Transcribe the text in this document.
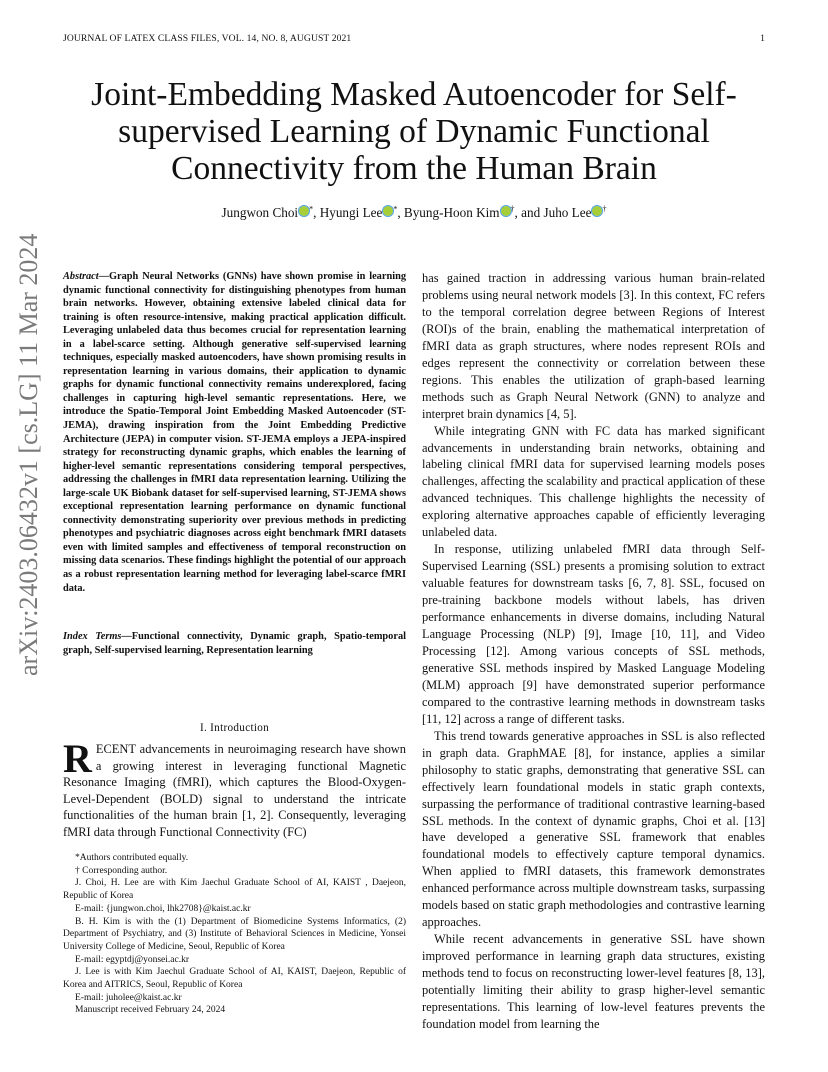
JOURNAL OF LATEX CLASS FILES, VOL. 14, NO. 8, AUGUST 2021	1
arXiv:2403.06432v1 [cs.LG] 11 Mar 2024
Joint-Embedding Masked Autoencoder for Self-supervised Learning of Dynamic Functional Connectivity from the Human Brain
Jungwon Choi *, Hyungi Lee *, Byung-Hoon Kim †, and Juho Lee †
Abstract—Graph Neural Networks (GNNs) have shown promise in learning dynamic functional connectivity for distinguishing phenotypes from human brain networks. However, obtaining extensive labeled clinical data for training is often resource-intensive, making practical application difficult. Leveraging unlabeled data thus becomes crucial for representation learning in a label-scarce setting. Although generative self-supervised learning techniques, especially masked autoencoders, have shown promising results in representation learning in various domains, their application to dynamic graphs for dynamic functional connectivity remains underexplored, facing challenges in capturing high-level semantic representations. Here, we introduce the Spatio-Temporal Joint Embedding Masked Autoencoder (ST-JEMA), drawing inspiration from the Joint Embedding Predictive Architecture (JEPA) in computer vision. ST-JEMA employs a JEPA-inspired strategy for reconstructing dynamic graphs, which enables the learning of higher-level semantic representations considering temporal perspectives, addressing the challenges in fMRI data representation learning. Utilizing the large-scale UK Biobank dataset for self-supervised learning, ST-JEMA shows exceptional representation learning performance on dynamic functional connectivity demonstrating superiority over previous methods in predicting phenotypes and psychiatric diagnoses across eight benchmark fMRI datasets even with limited samples and effectiveness of temporal reconstruction on missing data scenarios. These findings highlight the potential of our approach as a robust representation learning method for leveraging label-scarce fMRI data.
Index Terms—Functional connectivity, Dynamic graph, Spatio-temporal graph, Self-supervised learning, Representation learning
I. Introduction
RECENT advancements in neuroimaging research have shown a growing interest in leveraging functional Magnetic Resonance Imaging (fMRI), which captures the Blood-Oxygen-Level-Dependent (BOLD) signal to understand the intricate functionalities of the human brain [1, 2]. Consequently, leveraging fMRI data through Functional Connectivity (FC)

*Authors contributed equally.

† Corresponding author.

J. Choi, H. Lee are with Kim Jaechul Graduate School of AI, KAIST , Daejeon, Republic of Korea

E-mail: {jungwon.choi, lhk2708}@kaist.ac.kr

B. H. Kim is with the (1) Department of Biomedicine Systems Informatics, (2) Department of Psychiatry, and (3) Institute of Behavioral Sciences in Medicine, Yonsei University College of Medicine, Seoul, Republic of Korea

E-mail: egyptdj@yonsei.ac.kr

J. Lee is with Kim Jaechul Graduate School of AI, KAIST, Daejeon, Republic of Korea and AITRICS, Seoul, Republic of Korea

E-mail: juholee@kaist.ac.kr

Manuscript received February 24, 2024

has gained traction in addressing various human brain-related problems using neural network models [3]. In this context, FC refers to the temporal correlation degree between Regions of Interest (ROI)s of the brain, enabling the mathematical interpretation of fMRI data as graph structures, where nodes represent ROIs and edges represent the connectivity or correlation between these regions. This enables the utilization of graph-based learning methods such as Graph Neural Network (GNN) to analyze and interpret brain dynamics [4, 5].

While integrating GNN with FC data has marked significant advancements in understanding brain networks, obtaining and labeling clinical fMRI data for supervised learning models poses challenges, affecting the scalability and practical application of these advanced techniques. This challenge highlights the necessity of exploring alternative approaches capable of efficiently leveraging unlabeled data.

In response, utilizing unlabeled fMRI data through Self-Supervised Learning (SSL) presents a promising solution to extract valuable features for downstream tasks [6, 7, 8]. SSL, focused on pre-training backbone models without labels, has driven performance enhancements in diverse domains, including Natural Language Processing (NLP) [9], Image [10, 11], and Video Processing [12]. Among various concepts of SSL methods, generative SSL methods inspired by Masked Language Modeling (MLM) approach [9] have demonstrated superior performance compared to the contrastive learning methods in downstream tasks [11, 12] across a range of different tasks.

This trend towards generative approaches in SSL is also reflected in graph data. GraphMAE [8], for instance, applies a similar philosophy to static graphs, demonstrating that generative SSL can effectively learn foundational models in static graph contexts, surpassing the performance of traditional contrastive learning-based SSL methods. In the context of dynamic graphs, Choi et al. [13] have developed a generative SSL framework that enables foundational models to effectively capture temporal dynamics. When applied to fMRI datasets, this framework demonstrates enhanced performance across multiple downstream tasks, surpassing models based on static graph methodologies and contrastive learning approaches.

While recent advancements in generative SSL have shown improved performance in learning graph data structures, existing methods tend to focus on reconstructing lower-level features [8, 13], potentially limiting their ability to grasp higher-level semantic representations. This learning of low-level features prevents the foundation model from learning the
